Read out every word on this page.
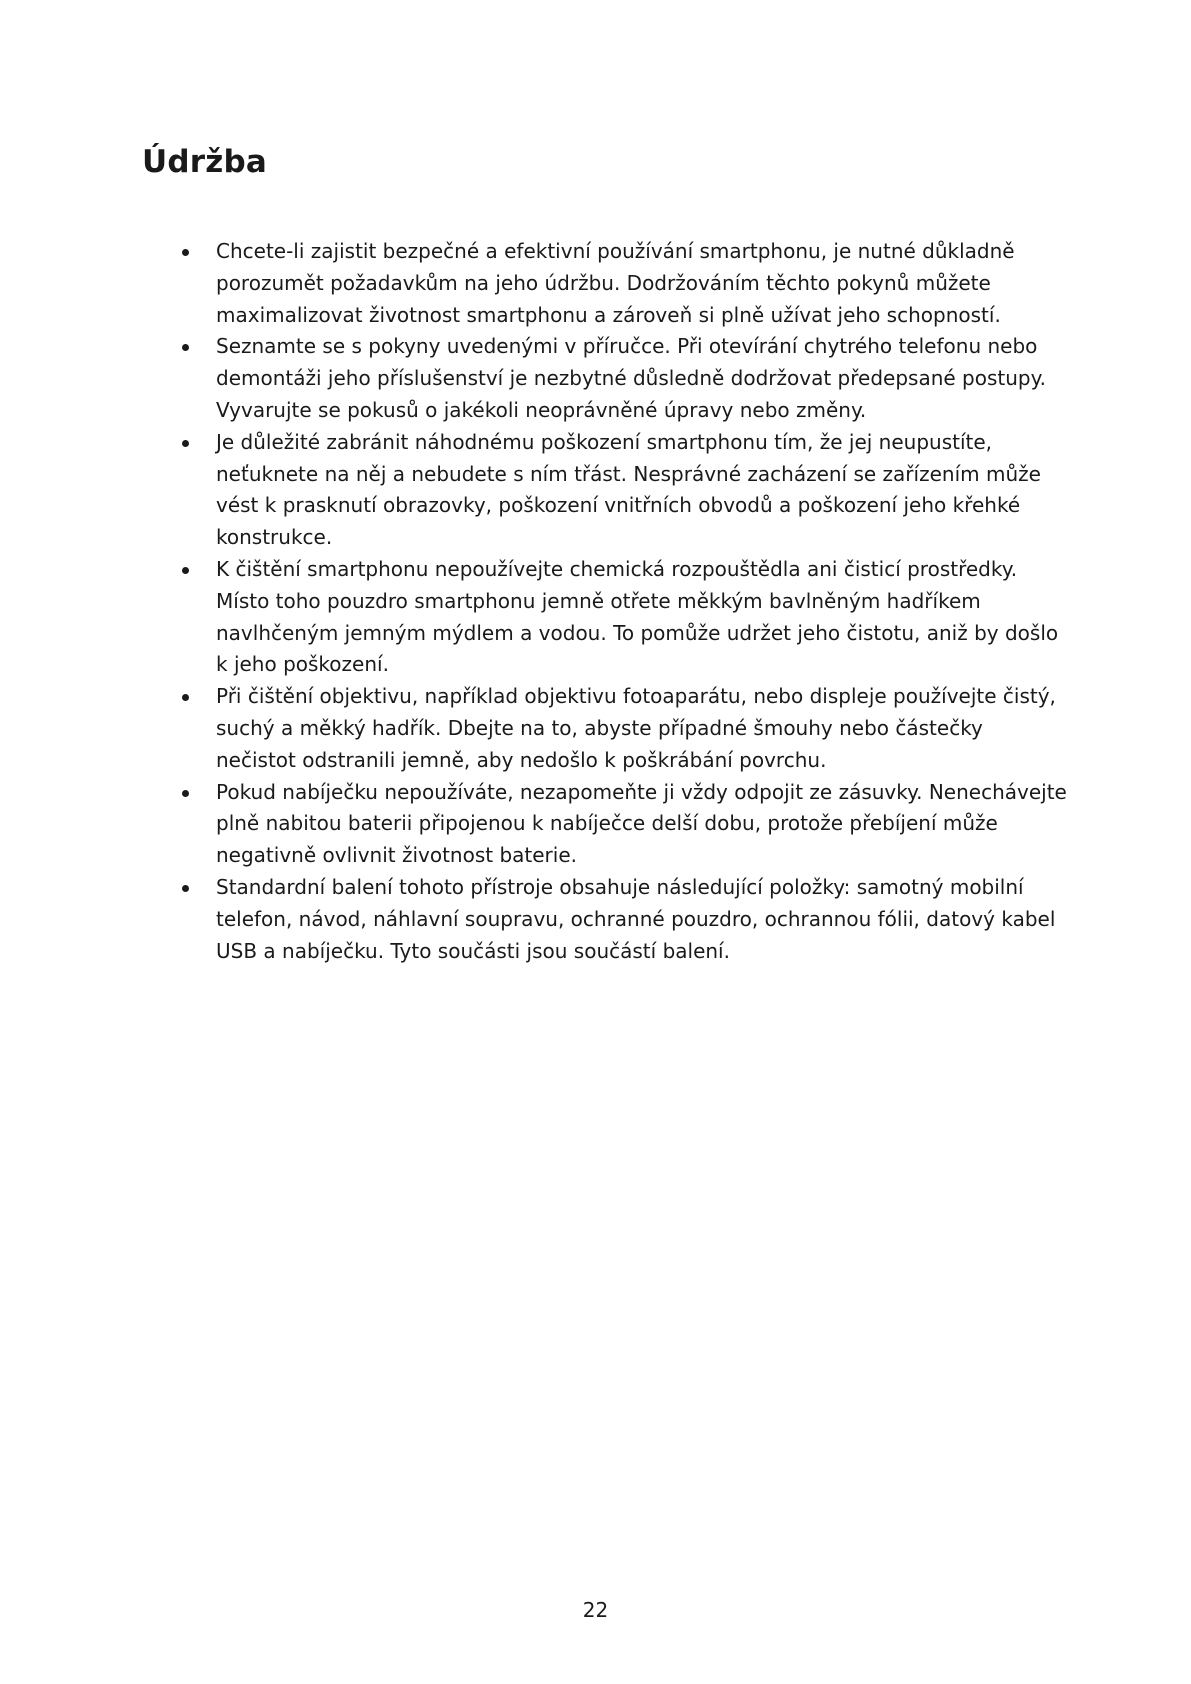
Údržba
Chcete-li zajistit bezpečné a efektivní používání smartphonu, je nutné důkladně porozumět požadavkům na jeho údržbu. Dodržováním těchto pokynů můžete maximalizovat životnost smartphonu a zároveň si plně užívat jeho schopností.
Seznamte se s pokyny uvedenými v příručce. Při otevírání chytrého telefonu nebo demontáži jeho příslušenství je nezbytné důsledně dodržovat předepsané postupy. Vyvarujte se pokusů o jakékoli neoprávněné úpravy nebo změny.
Je důležité zabránit náhodnému poškození smartphonu tím, že jej neupustíte, neťuknete na něj a nebudete s ním třást. Nesprávné zacházení se zařízením může vést k prasknutí obrazovky, poškození vnitřních obvodů a poškození jeho křehké konstrukce.
K čištění smartphonu nepoužívejte chemická rozpouštědla ani čisticí prostředky. Místo toho pouzdro smartphonu jemně otřete měkkým bavlněným hadříkem navlhčeným jemným mýdlem a vodou. To pomůže udržet jeho čistotu, aniž by došlo k jeho poškození.
Při čištění objektivu, například objektivu fotoaparátu, nebo displeje používejte čistý, suchý a měkký hadřík. Dbejte na to, abyste případné šmouhy nebo částečky nečistot odstranili jemně, aby nedošlo k poškrábání povrchu.
Pokud nabíječku nepoužíváte, nezapomeňte ji vždy odpojit ze zásuvky. Nenechávejte plně nabitou baterii připojenou k nabíječce delší dobu, protože přebíjení může negativně ovlivnit životnost baterie.
Standardní balení tohoto přístroje obsahuje následující položky: samotný mobilní telefon, návod, náhlavní soupravu, ochranné pouzdro, ochrannou fólii, datový kabel USB a nabíječku. Tyto součásti jsou součástí balení.
22
